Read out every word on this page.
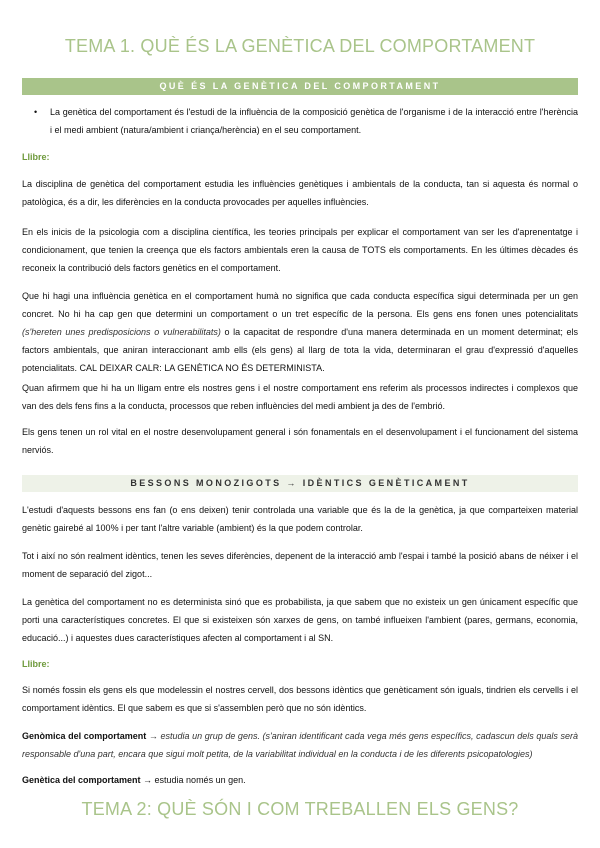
TEMA 1. QUÈ ÉS LA GENÈTICA DEL COMPORTAMENT
QUÈ ÉS LA GENÈTICA DEL COMPORTAMENT
• La genètica del comportament és l'estudi de la influència de la composició genètica de l'organisme i de la interacció entre l'herència i el medi ambient (natura/ambient i criança/herència) en el seu comportament.
Llibre:
La disciplina de genètica del comportament estudia les influències genètiques i ambientals de la conducta, tan si aquesta és normal o patològica, és a dir, les diferències en la conducta provocades per aquelles influències.
En els inicis de la psicologia com a disciplina científica, les teories principals per explicar el comportament van ser les d'aprenentatge i condicionament, que tenien la creença que els factors ambientals eren la causa de TOTS els comportaments. En les últimes dècades és reconeix la contribució dels factors genètics en el comportament.
Que hi hagi una influència genètica en el comportament humà no significa que cada conducta específica sigui determinada per un gen concret. No hi ha cap gen que determini un comportament o un tret específic de la persona. Els gens ens fonen unes potencialitats (s'hereten unes predisposicions o vulnerabilitats) o la capacitat de respondre d'una manera determinada en un moment determinat; els factors ambientals, que aniran interaccionant amb ells (els gens) al llarg de tota la vida, determinaran el grau d'expressió d'aquelles potencialitats. CAL DEIXAR CALR: LA GENÈTICA NO ÉS DETERMINISTA.
Quan afirmem que hi ha un lligam entre els nostres gens i el nostre comportament ens referim als processos indirectes i complexos que van des dels fens fins a la conducta, processos que reben influències del medi ambient ja des de l'embrió.
Els gens tenen un rol vital en el nostre desenvolupament general i són fonamentals en el desenvolupament i el funcionament del sistema nerviós.
BESSONS MONOZIGOTS → IDÈNTICS GENÈTICAMENT
L'estudi d'aquests bessons ens fan (o ens deixen) tenir controlada una variable que és la de la genètica, ja que comparteixen material genètic gairebé al 100% i per tant l'altre variable (ambient) és la que podem controlar.
Tot i així no són realment idèntics, tenen les seves diferències, depenent de la interacció amb l'espai i també la posició abans de néixer i el moment de separació del zigot...
La genètica del comportament no es determinista sinó que es probabilista, ja que sabem que no existeix un gen únicament específic que porti una característiques concretes. El que si existeixen són xarxes de gens, on també influeixen l'ambient (pares, germans, economia, educació...) i aquestes dues característiques afecten al comportament i al SN.
Llibre:
Si només fossin els gens els que modelessin el nostres cervell, dos bessons idèntics que genèticament són iguals, tindrien els cervells i el comportament idèntics. El que sabem es que si s'assemblen però que no són idèntics.
Genòmica del comportament → estudia un grup de gens. (s'aniran identificant cada vega més gens específics, cadascun dels quals serà responsable d'una part, encara que sigui molt petita, de la variabilitat individual en la conducta i de les diferents psicopatologies)
Genètica del comportament → estudia només un gen.
TEMA 2: QUÈ SÓN I COM TREBALLEN ELS GENS?
